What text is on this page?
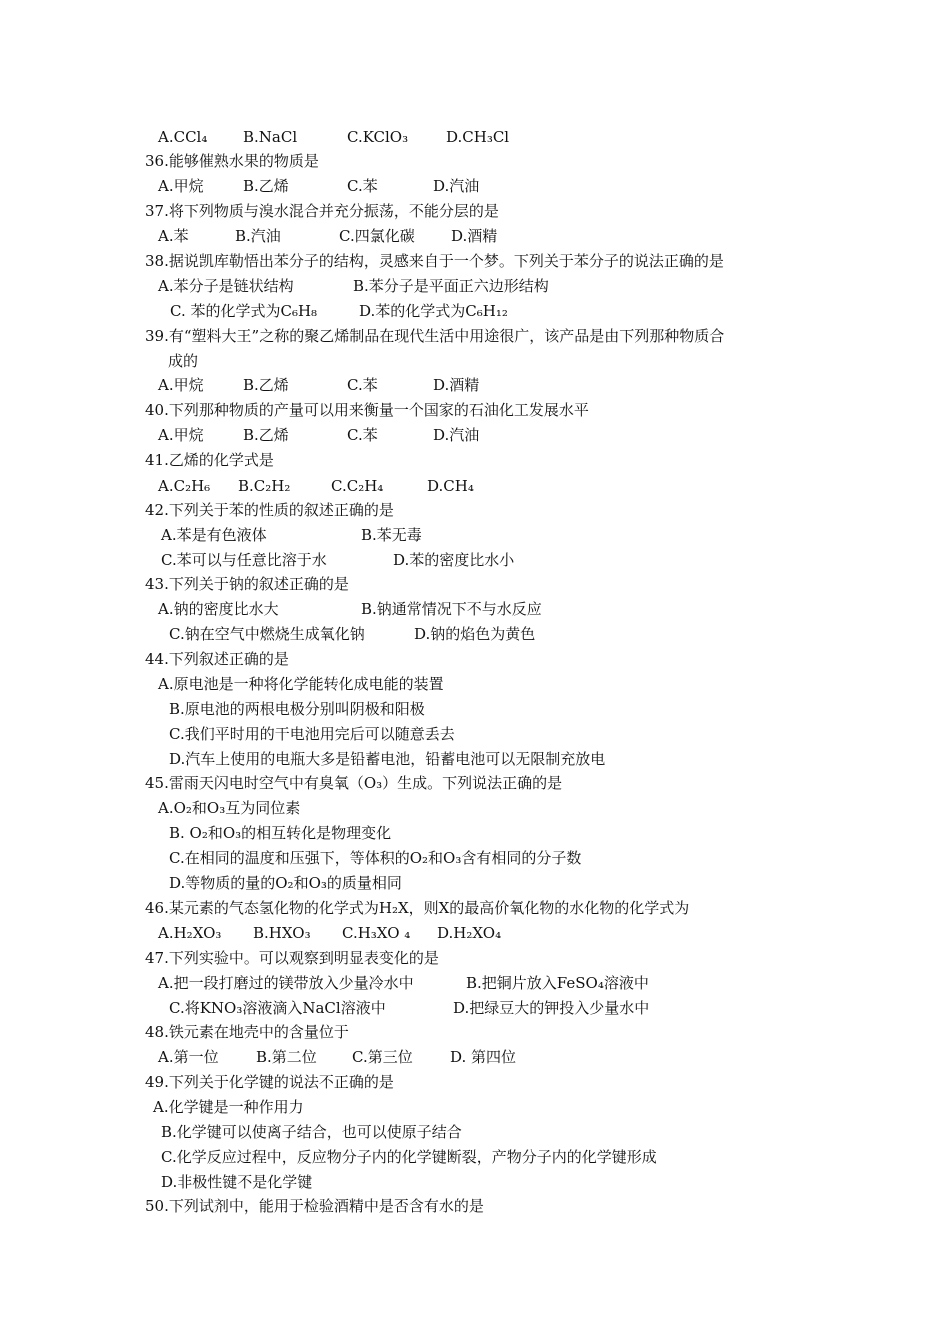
A.CCl₄ B.NaCl	C.KClO₃	D.CH₃Cl
36.能够催熟水果的物质是
A.甲烷	B.乙烯	C.苯	D.汽油
37.将下列物质与溴水混合并充分振荡，不能分层的是
A.苯	B.汽油	C.四氯化碳 D.酒精
38.据说凯库勒悟出苯分子的结构，灵感来自于一个梦。下列关于苯分子的说法正确的是
A.苯分子是链状结构	B.苯分子是平面正六边形结构
C. 苯的化学式为C₆H₈	D.苯的化学式为C₆H₁₂
39.有“塑料大王”之称的聚乙烯制品在现代生活中用途很广，该产品是由下列那种物质合
成的
A.甲烷	B.乙烯	C.苯	D.酒精
40.下列那种物质的产量可以用来衡量一个国家的石油化工发展水平
A.甲烷	B.乙烯	C.苯	D.汽油
41.乙烯的化学式是
A.C₂H₆ B.C₂H₂	C.C₂H₄	D.CH₄
42.下列关于苯的性质的叙述正确的是
A.苯是有色液体	B.苯无毒
C.苯可以与任意比溶于水	D.苯的密度比水小
43.下列关于钠的叙述正确的是
A.钠的密度比水大	B.钠通常情况下不与水反应
C.钠在空气中燃烧生成氧化钠	D.钠的焰色为黄色
44.下列叙述正确的是
A.原电池是一种将化学能转化成电能的装置
B.原电池的两根电极分别叫阴极和阳极
C.我们平时用的干电池用完后可以随意丢去
D.汽车上使用的电瓶大多是铅蓄电池，铅蓄电池可以无限制充放电
45.雷雨天闪电时空气中有臭氧（O₃）生成。下列说法正确的是
A.O₂和O₃互为同位素
B. O₂和O₃的相互转化是物理变化
C.在相同的温度和压强下，等体积的O₂和O₃含有相同的分子数
D.等物质的量的O₂和O₃的质量相同
46.某元素的气态氢化物的化学式为H₂X，则X的最高价氧化物的水化物的化学式为
A.H₂XO₃ B.HXO₃ C.H₃XO ₄ D.H₂XO₄
47.下列实验中。可以观察到明显表变化的是
A.把一段打磨过的镁带放入少量冷水中	B.把铜片放入FeSO₄溶液中
C.将KNO₃溶液滴入NaCl溶液中	D.把绿豆大的钾投入少量水中
48.铁元素在地壳中的含量位于
A.第一位 B.第二位 C.第三位 D. 第四位
49.下列关于化学键的说法不正确的是
A.化学键是一种作用力
B.化学键可以使离子结合，也可以使原子结合
C.化学反应过程中，反应物分子内的化学键断裂，产物分子内的化学键形成
D.非极性键不是化学键
50.下列试剂中，能用于检验酒精中是否含有水的是
